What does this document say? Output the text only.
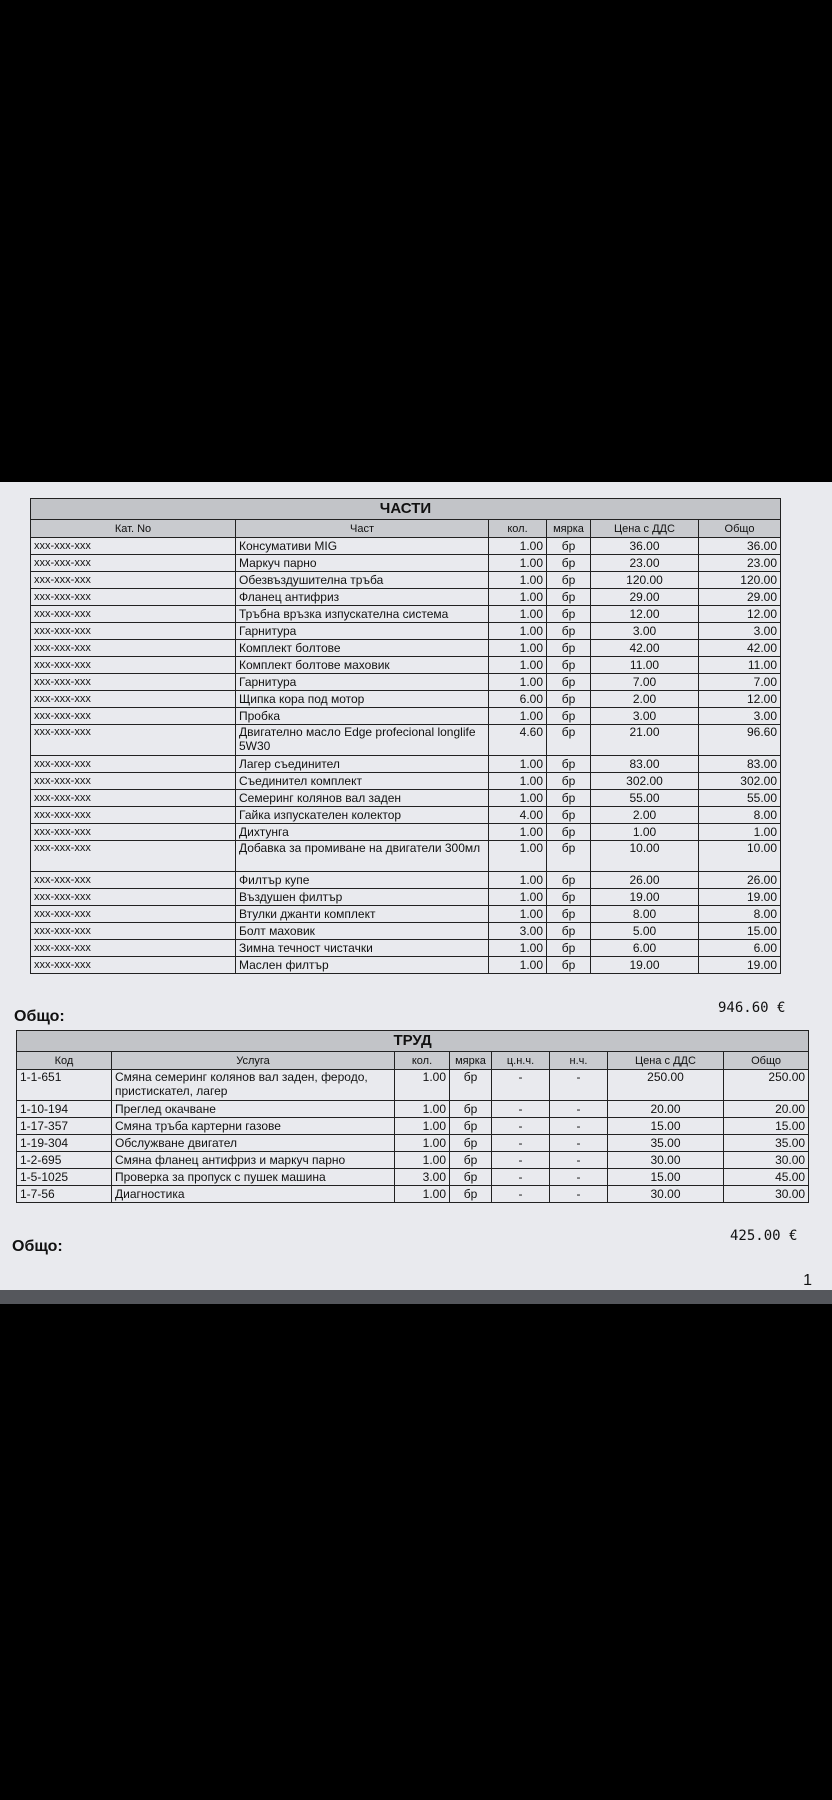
ЧАСТИ					
Кат. No	Част	кол.	мярка	Цена с ДДС	Общо
xxx-xxx-xxx	Консумативи MIG	1.00	бр	36.00	36.00
xxx-xxx-xxx	Маркуч парно	1.00	бр	23.00	23.00
xxx-xxx-xxx	Обезвъздушителна тръба	1.00	бр	120.00	120.00
xxx-xxx-xxx	Фланец антифриз	1.00	бр	29.00	29.00
xxx-xxx-xxx	Тръбна връзка изпускателна система	1.00	бр	12.00	12.00
xxx-xxx-xxx	Гарнитура	1.00	бр	3.00	3.00
xxx-xxx-xxx	Комплект болтове	1.00	бр	42.00	42.00
xxx-xxx-xxx	Комплект болтове маховик	1.00	бр	11.00	11.00
xxx-xxx-xxx	Гарнитура	1.00	бр	7.00	7.00
xxx-xxx-xxx	Щипка кора под мотор	6.00	бр	2.00	12.00
xxx-xxx-xxx	Пробка	1.00	бр	3.00	3.00
xxx-xxx-xxx	Двигателно масло Edge profecional longlife 5W30	4.60	бр	21.00	96.60
xxx-xxx-xxx	Лагер съединител	1.00	бр	83.00	83.00
xxx-xxx-xxx	Съединител комплект	1.00	бр	302.00	302.00
xxx-xxx-xxx	Семеринг колянов вал заден	1.00	бр	55.00	55.00
xxx-xxx-xxx	Гайка изпускателен колектор	4.00	бр	2.00	8.00
xxx-xxx-xxx	Дихтунга	1.00	бр	1.00	1.00
xxx-xxx-xxx	Добавка за промиване на двигатели 300мл	1.00	бр	10.00	10.00
xxx-xxx-xxx	Филтър купе	1.00	бр	26.00	26.00
xxx-xxx-xxx	Въздушен филтър	1.00	бр	19.00	19.00
xxx-xxx-xxx	Втулки джанти комплект	1.00	бр	8.00	8.00
xxx-xxx-xxx	Болт маховик	3.00	бр	5.00	15.00
xxx-xxx-xxx	Зимна течност чистачки	1.00	бр	6.00	6.00
xxx-xxx-xxx	Маслен филтър	1.00	бр	19.00	19.00
Общо:	946.60 €
ТРУД							
Код	Услуга	кол.	мярка	ц.н.ч.	н.ч.	Цена с ДДС	Общо
1-1-651	Смяна семеринг колянов вал заден, феродо, пристискател, лагер	1.00	бр	-	-	250.00	250.00
1-10-194	Преглед окачване	1.00	бр	-	-	20.00	20.00
1-17-357	Смяна тръба картерни газове	1.00	бр	-	-	15.00	15.00
1-19-304	Обслужване двигател	1.00	бр	-	-	35.00	35.00
1-2-695	Смяна фланец антифриз и маркуч парно	1.00	бр	-	-	30.00	30.00
1-5-1025	Проверка за пропуск с пушек машина	3.00	бр	-	-	15.00	45.00
1-7-56	Диагностика	1.00	бр	-	-	30.00	30.00
Общо:
425.00 €
1
